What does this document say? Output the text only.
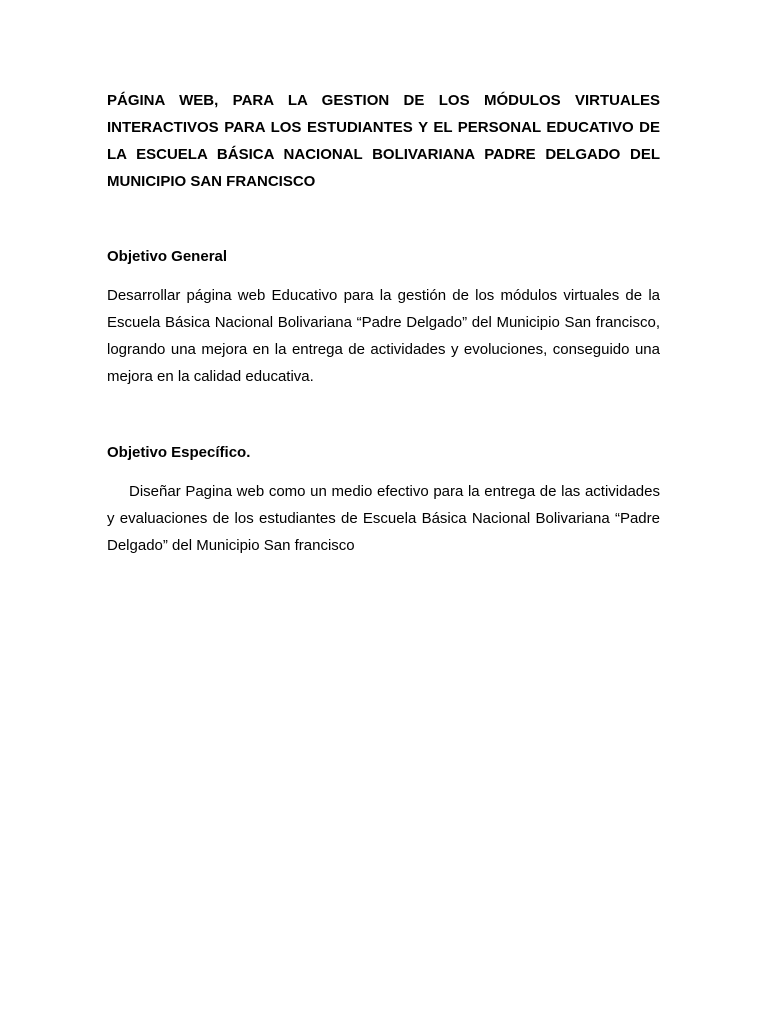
PÁGINA WEB, PARA LA GESTION DE LOS MÓDULOS VIRTUALES INTERACTIVOS PARA LOS ESTUDIANTES Y EL PERSONAL EDUCATIVO DE LA ESCUELA BÁSICA NACIONAL BOLIVARIANA PADRE DELGADO DEL MUNICIPIO SAN FRANCISCO

Objetivo General

Desarrollar página web Educativo para la gestión de los módulos virtuales de la Escuela Básica Nacional Bolivariana “Padre Delgado” del Municipio San francisco, logrando una mejora en la entrega de actividades y evoluciones, conseguido una mejora en la calidad educativa.

Objetivo Específico.

Diseñar Pagina web como un medio efectivo para la entrega de las actividades y evaluaciones de los estudiantes de Escuela Básica Nacional Bolivariana “Padre Delgado” del Municipio San francisco
